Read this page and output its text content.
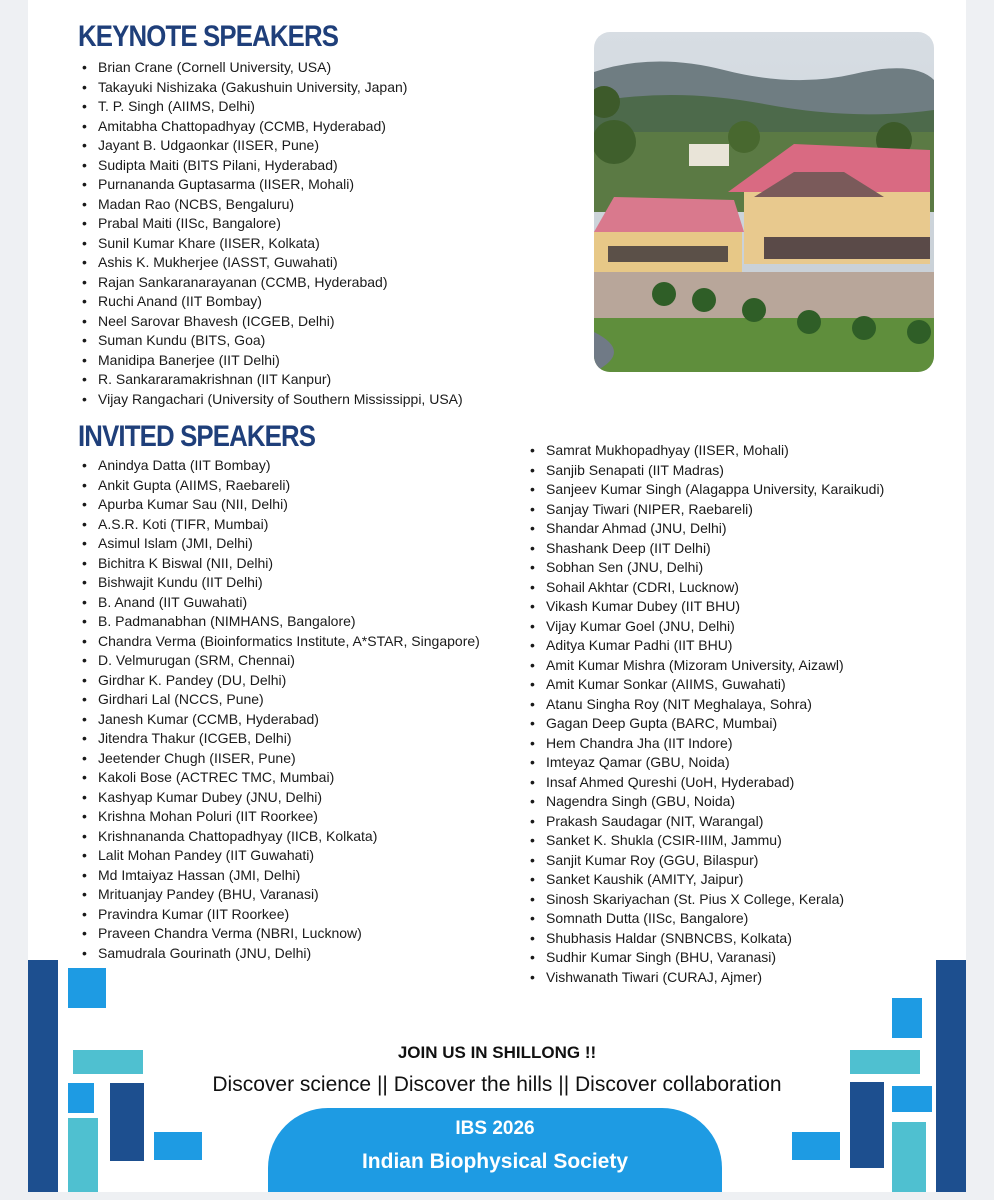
KEYNOTE SPEAKERS
• Brian Crane (Cornell University, USA)
• Takayuki Nishizaka (Gakushuin University, Japan)
• T. P. Singh (AIIMS, Delhi)
• Amitabha Chattopadhyay (CCMB, Hyderabad)
• Jayant B. Udgaonkar (IISER, Pune)
• Sudipta Maiti (BITS Pilani, Hyderabad)
• Purnananda Guptasarma (IISER, Mohali)
• Madan Rao (NCBS, Bengaluru)
• Prabal Maiti (IISc, Bangalore)
• Sunil Kumar Khare (IISER, Kolkata)
• Ashis K. Mukherjee (IASST, Guwahati)
• Rajan Sankaranarayanan (CCMB, Hyderabad)
• Ruchi Anand (IIT Bombay)
• Neel Sarovar Bhavesh (ICGEB, Delhi)
• Suman Kundu (BITS, Goa)
• Manidipa Banerjee (IIT Delhi)
• R. Sankararamakrishnan (IIT Kanpur)
• Vijay Rangachari (University of Southern Mississippi, USA)
INVITED SPEAKERS
• Anindya Datta (IIT Bombay)
• Ankit Gupta (AIIMS, Raebareli)
• Apurba Kumar Sau (NII, Delhi)
• A.S.R. Koti (TIFR, Mumbai)
• Asimul Islam (JMI, Delhi)
• Bichitra K Biswal (NII, Delhi)
• Bishwajit Kundu (IIT Delhi)
• B. Anand (IIT Guwahati)
• B. Padmanabhan (NIMHANS, Bangalore)
• Chandra Verma (Bioinformatics Institute, A*STAR, Singapore)
• D. Velmurugan (SRM, Chennai)
• Girdhar K. Pandey (DU, Delhi)
• Girdhari Lal (NCCS, Pune)
• Janesh Kumar (CCMB, Hyderabad)
• Jitendra Thakur (ICGEB, Delhi)
• Jeetender Chugh (IISER, Pune)
• Kakoli Bose (ACTREC TMC, Mumbai)
• Kashyap Kumar Dubey (JNU, Delhi)
• Krishna Mohan Poluri (IIT Roorkee)
• Krishnananda Chattopadhyay (IICB, Kolkata)
• Lalit Mohan Pandey (IIT Guwahati)
• Md Imtaiyaz Hassan (JMI, Delhi)
• Mrituanjay Pandey (BHU, Varanasi)
• Pravindra Kumar (IIT Roorkee)
• Praveen Chandra Verma (NBRI, Lucknow)
• Samudrala Gourinath (JNU, Delhi)
• Samrat Mukhopadhyay (IISER, Mohali)
• Sanjib Senapati (IIT Madras)
• Sanjeev Kumar Singh (Alagappa University, Karaikudi)
• Sanjay Tiwari (NIPER, Raebareli)
• Shandar Ahmad (JNU, Delhi)
• Shashank Deep (IIT Delhi)
• Sobhan Sen (JNU, Delhi)
• Sohail Akhtar (CDRI, Lucknow)
• Vikash Kumar Dubey (IIT BHU)
• Vijay Kumar Goel (JNU, Delhi)
• Aditya Kumar Padhi (IIT BHU)
• Amit Kumar Mishra (Mizoram University, Aizawl)
• Amit Kumar Sonkar (AIIMS, Guwahati)
• Atanu Singha Roy (NIT Meghalaya, Sohra)
• Gagan Deep Gupta (BARC, Mumbai)
• Hem Chandra Jha (IIT Indore)
• Imteyaz Qamar (GBU, Noida)
• Insaf Ahmed Qureshi (UoH, Hyderabad)
• Nagendra Singh (GBU, Noida)
• Prakash Saudagar (NIT, Warangal)
• Sanket K. Shukla (CSIR-IIIM, Jammu)
• Sanjit Kumar Roy (GGU, Bilaspur)
• Sanket Kaushik (AMITY, Jaipur)
• Sinosh Skariyachan (St. Pius X College, Kerala)
• Somnath Dutta (IISc, Bangalore)
• Shubhasis Haldar (SNBNCBS, Kolkata)
• Sudhir Kumar Singh (BHU, Varanasi)
• Vishwanath Tiwari (CURAJ, Ajmer)
JOIN US IN SHILLONG !!
Discover science || Discover the hills || Discover collaboration
IBS 2026
Indian Biophysical Society
